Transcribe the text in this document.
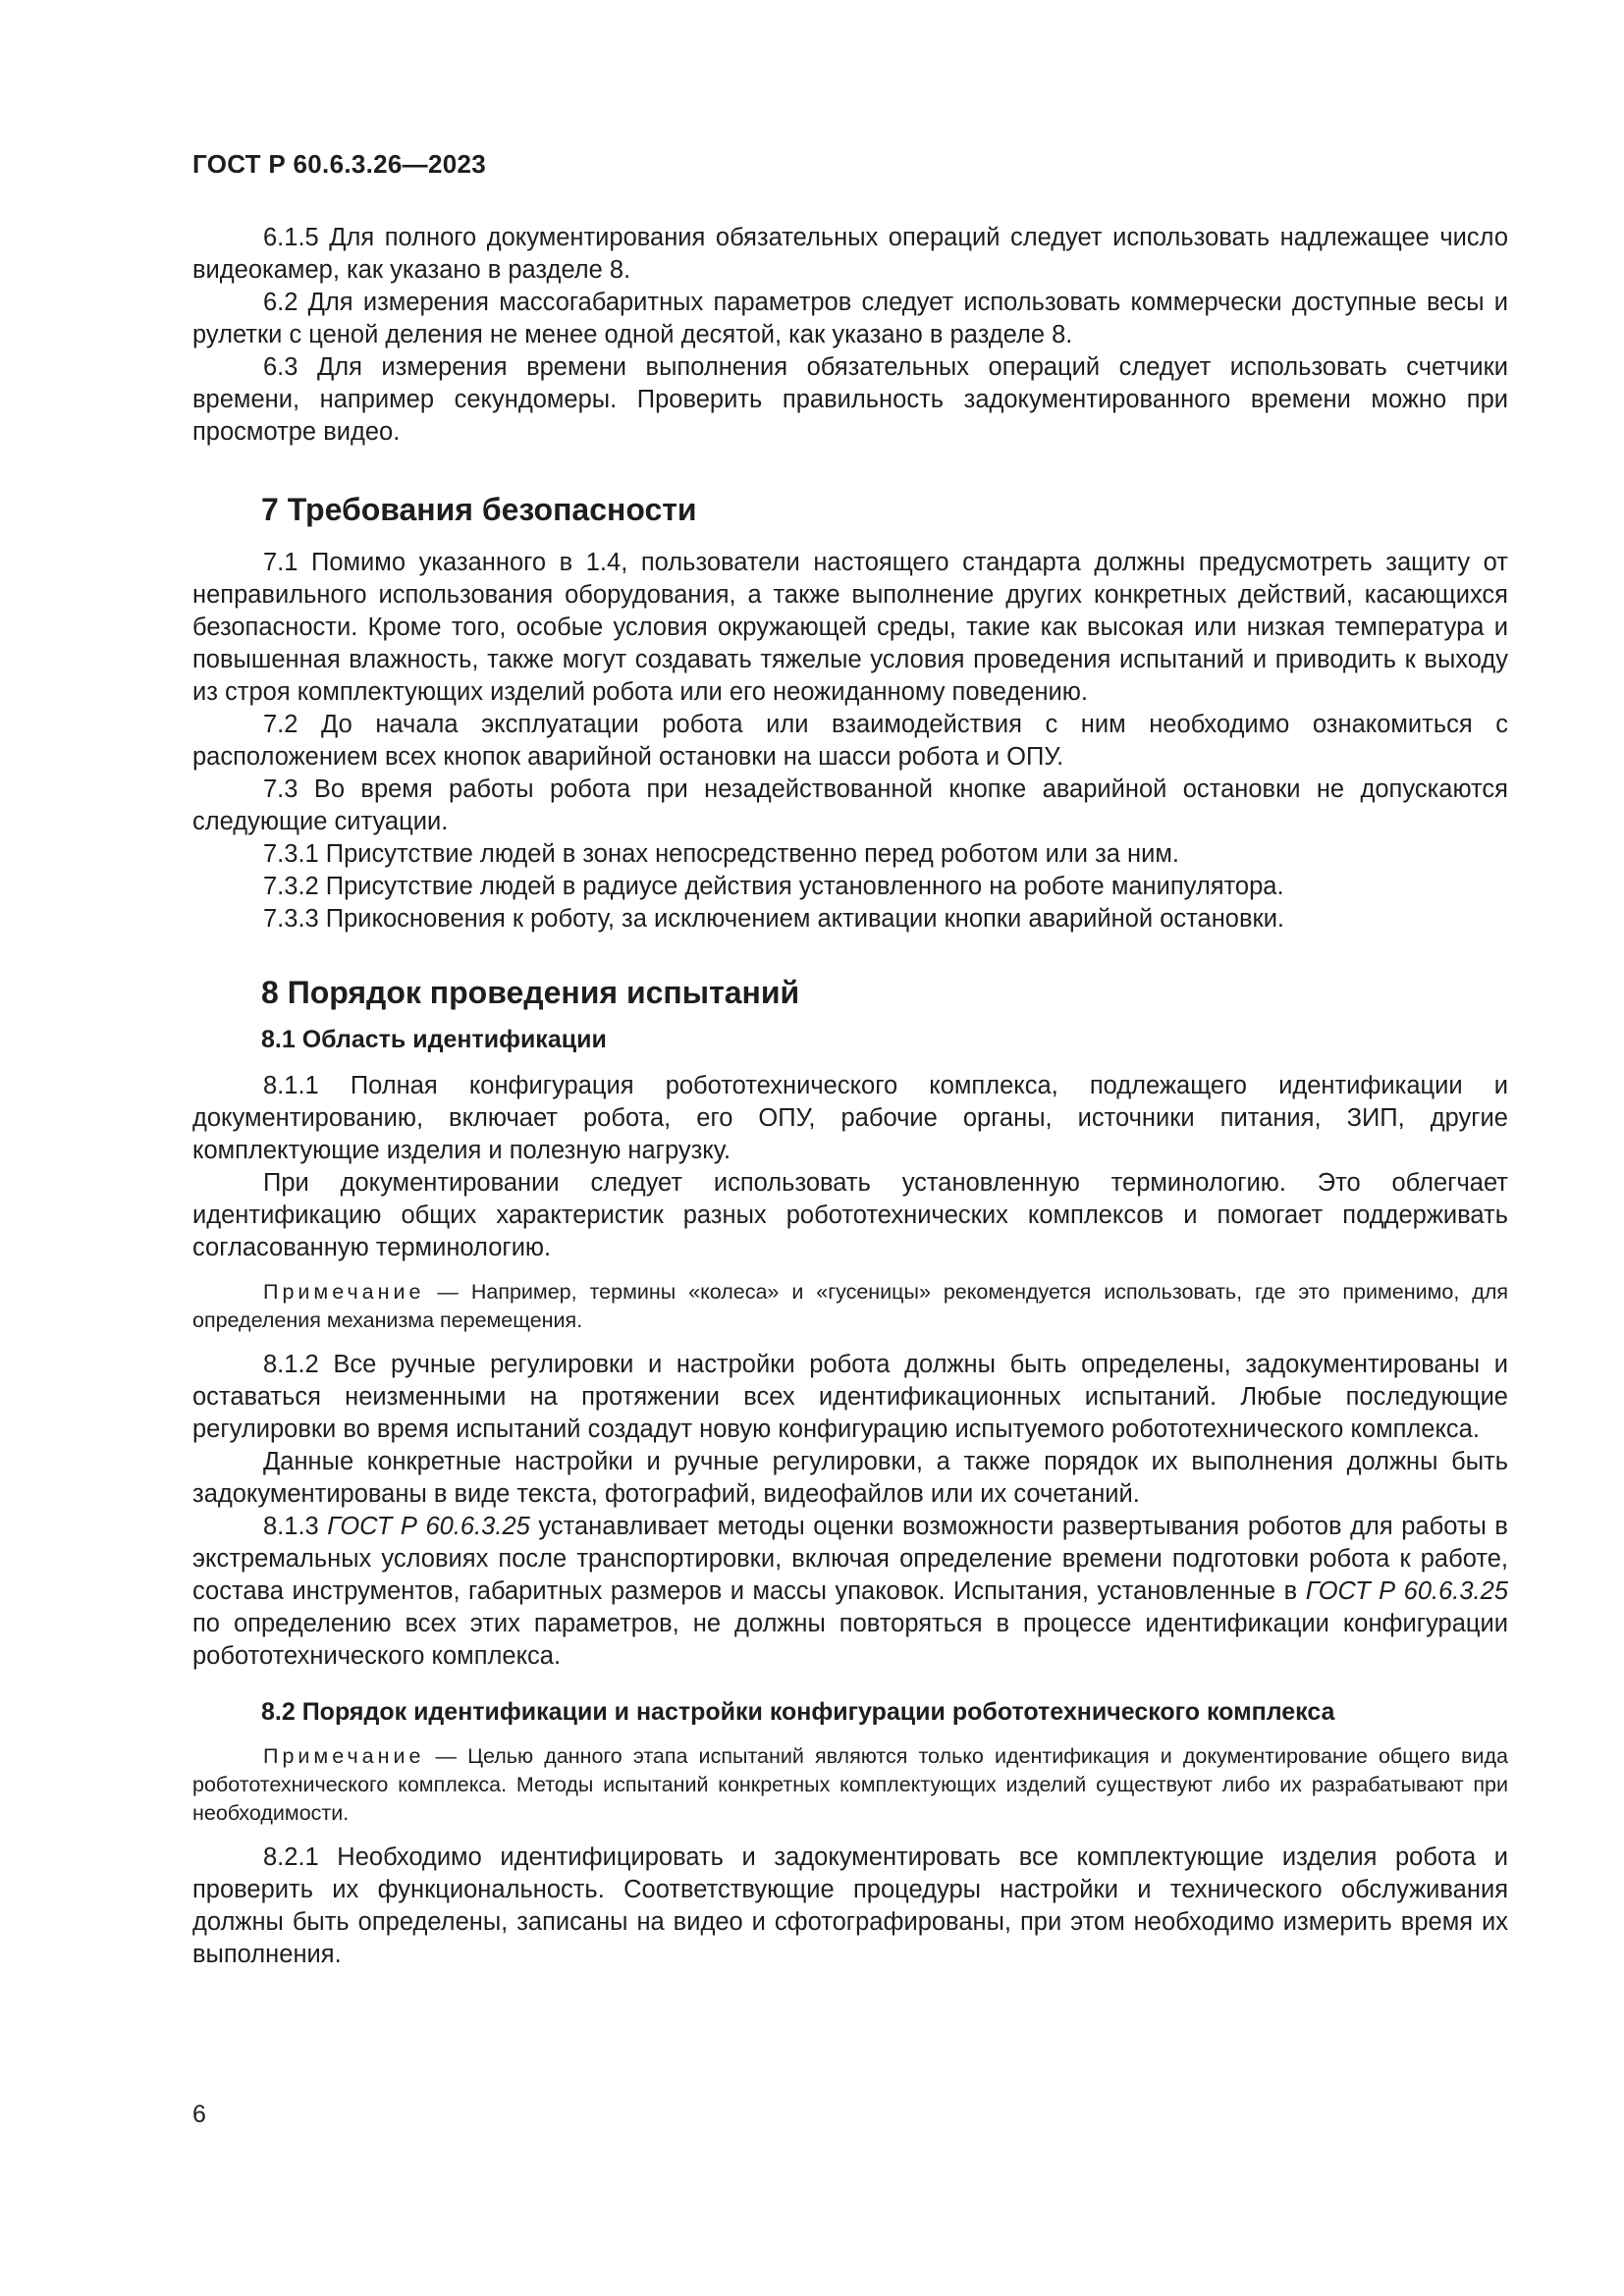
ГОСТ Р 60.6.3.26—2023

6.1.5 Для полного документирования обязательных операций следует использовать надлежащее число видеокамер, как указано в разделе 8.

6.2 Для измерения массогабаритных параметров следует использовать коммерчески доступные весы и рулетки с ценой деления не менее одной десятой, как указано в разделе 8.

6.3 Для измерения времени выполнения обязательных операций следует использовать счетчики времени, например секундомеры. Проверить правильность задокументированного времени можно при просмотре видео.

7 Требования безопасности

7.1 Помимо указанного в 1.4, пользователи настоящего стандарта должны предусмотреть защиту от неправильного использования оборудования, а также выполнение других конкретных действий, касающихся безопасности. Кроме того, особые условия окружающей среды, такие как высокая или низкая температура и повышенная влажность, также могут создавать тяжелые условия проведения испытаний и приводить к выходу из строя комплектующих изделий робота или его неожиданному поведению.

7.2 До начала эксплуатации робота или взаимодействия с ним необходимо ознакомиться с расположением всех кнопок аварийной остановки на шасси робота и ОПУ.

7.3 Во время работы робота при незадействованной кнопке аварийной остановки не допускаются следующие ситуации.

7.3.1 Присутствие людей в зонах непосредственно перед роботом или за ним.

7.3.2 Присутствие людей в радиусе действия установленного на роботе манипулятора.

7.3.3 Прикосновения к роботу, за исключением активации кнопки аварийной остановки.

8 Порядок проведения испытаний
8.1 Область идентификации

8.1.1 Полная конфигурация робототехнического комплекса, подлежащего идентификации и документированию, включает робота, его ОПУ, рабочие органы, источники питания, ЗИП, другие комплектующие изделия и полезную нагрузку.

При документировании следует использовать установленную терминологию. Это облегчает идентификацию общих характеристик разных робототехнических комплексов и помогает поддерживать согласованную терминологию.

Примечание — Например, термины «колеса» и «гусеницы» рекомендуется использовать, где это применимо, для определения механизма перемещения.

8.1.2 Все ручные регулировки и настройки робота должны быть определены, задокументированы и оставаться неизменными на протяжении всех идентификационных испытаний. Любые последующие регулировки во время испытаний создадут новую конфигурацию испытуемого робототехнического комплекса.

Данные конкретные настройки и ручные регулировки, а также порядок их выполнения должны быть задокументированы в виде текста, фотографий, видеофайлов или их сочетаний.

8.1.3 ГОСТ Р 60.6.3.25 устанавливает методы оценки возможности развертывания роботов для работы в экстремальных условиях после транспортировки, включая определение времени подготовки робота к работе, состава инструментов, габаритных размеров и массы упаковок. Испытания, установленные в ГОСТ Р 60.6.3.25 по определению всех этих параметров, не должны повторяться в процессе идентификации конфигурации робототехнического комплекса.

8.2 Порядок идентификации и настройки конфигурации робототехнического комплекса
Примечание — Целью данного этапа испытаний являются только идентификация и документирование общего вида робототехнического комплекса. Методы испытаний конкретных комплектующих изделий существуют либо их разрабатывают при необходимости.

8.2.1 Необходимо идентифицировать и задокументировать все комплектующие изделия робота и проверить их функциональность. Соответствующие процедуры настройки и технического обслуживания должны быть определены, записаны на видео и сфотографированы, при этом необходимо измерить время их выполнения.

6
